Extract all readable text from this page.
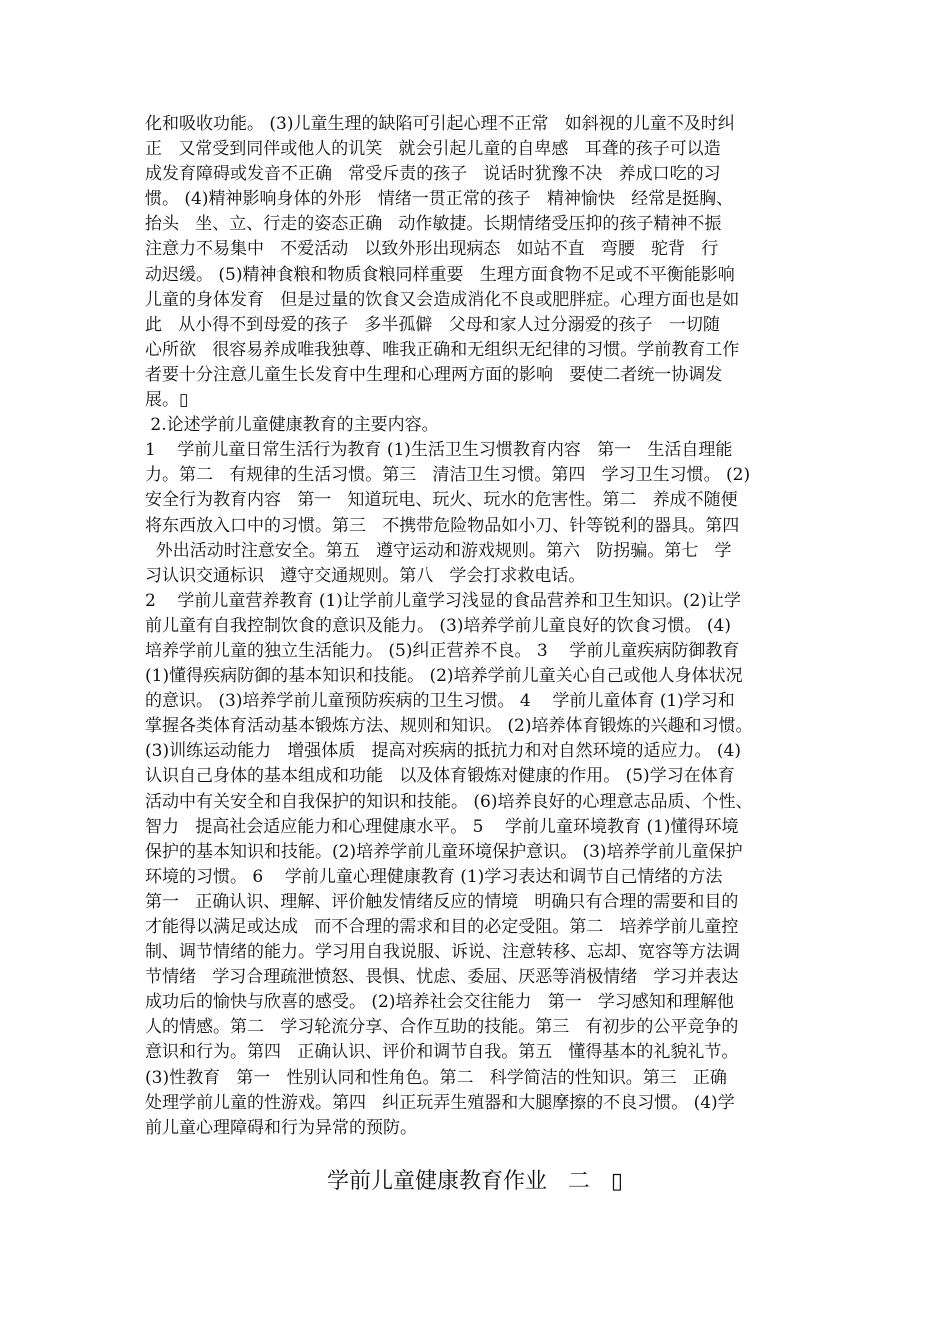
化和吸收功能。 (3)儿童生理的缺陷可引起心理不正常   如斜视的儿童不及时纠
正   又常受到同伴或他人的讥笑   就会引起儿童的自卑感   耳聋的孩子可以造
成发育障碍或发音不正确   常受斥责的孩子   说话时犹豫不决   养成口吃的习
惯。 (4)精神影响身体的外形   情绪一贯正常的孩子   精神愉快   经常是挺胸、
抬头   坐、立、行走的姿态正确   动作敏捷。长期情绪受压抑的孩子精神不振
注意力不易集中   不爱活动   以致外形出现病态   如站不直   弯腰   驼背   行
动迟缓。 (5)精神食粮和物质食粮同样重要   生理方面食物不足或不平衡能影响
儿童的身体发育   但是过量的饮食又会造成消化不良或肥胖症。心理方面也是如
此   从小得不到母爱的孩子   多半孤僻   父母和家人过分溺爱的孩子   一切随
心所欲   很容易养成唯我独尊、唯我正确和无组织无纪律的习惯。学前教育工作
者要十分注意儿童生长发育中生理和心理两方面的影响   要使二者统一协调发
展。▯
2.论述学前儿童健康教育的主要内容。
1    学前儿童日常生活行为教育 (1)生活卫生习惯教育内容   第一   生活自理能
力。第二   有规律的生活习惯。第三   清洁卫生习惯。第四   学习卫生习惯。 (2)
安全行为教育内容   第一   知道玩电、玩火、玩水的危害性。第二   养成不随便
将东西放入口中的习惯。第三   不携带危险物品如小刀、针等锐利的器具。第四
外出活动时注意安全。第五   遵守运动和游戏规则。第六   防拐骗。第七   学
习认识交通标识   遵守交通规则。第八   学会打求救电话。
2    学前儿童营养教育 (1)让学前儿童学习浅显的食品营养和卫生知识。(2)让学
前儿童有自我控制饮食的意识及能力。 (3)培养学前儿童良好的饮食习惯。 (4)
培养学前儿童的独立生活能力。 (5)纠正营养不良。 3    学前儿童疾病防御教育
(1)懂得疾病防御的基本知识和技能。 (2)培养学前儿童关心自己或他人身体状况
的意识。 (3)培养学前儿童预防疾病的卫生习惯。 4    学前儿童体育 (1)学习和
掌握各类体育活动基本锻炼方法、规则和知识。 (2)培养体育锻炼的兴趣和习惯。
(3)训练运动能力   增强体质   提高对疾病的抵抗力和对自然环境的适应力。 (4)
认识自己身体的基本组成和功能   以及体育锻炼对健康的作用。 (5)学习在体育
活动中有关安全和自我保护的知识和技能。 (6)培养良好的心理意志品质、个性、
智力   提高社会适应能力和心理健康水平。 5    学前儿童环境教育 (1)懂得环境
保护的基本知识和技能。(2)培养学前儿童环境保护意识。 (3)培养学前儿童保护
环境的习惯。 6    学前儿童心理健康教育 (1)学习表达和调节自己情绪的方法
第一   正确认识、理解、评价触发情绪反应的情境   明确只有合理的需要和目的
才能得以满足或达成   而不合理的需求和目的必定受阻。第二   培养学前儿童控
制、调节情绪的能力。学习用自我说服、诉说、注意转移、忘却、宽容等方法调
节情绪   学习合理疏泄愤怒、畏惧、忧虑、委屈、厌恶等消极情绪   学习并表达
成功后的愉快与欣喜的感受。 (2)培养社会交往能力   第一   学习感知和理解他
人的情感。第二   学习轮流分享、合作互助的技能。第三   有初步的公平竞争的
意识和行为。第四   正确认识、评价和调节自我。第五   懂得基本的礼貌礼节。
(3)性教育   第一   性别认同和性角色。第二   科学简洁的性知识。第三   正确
处理学前儿童的性游戏。第四   纠正玩弄生殖器和大腿摩擦的不良习惯。 (4)学
前儿童心理障碍和行为异常的预防。
学前儿童健康教育作业   二   ▯
